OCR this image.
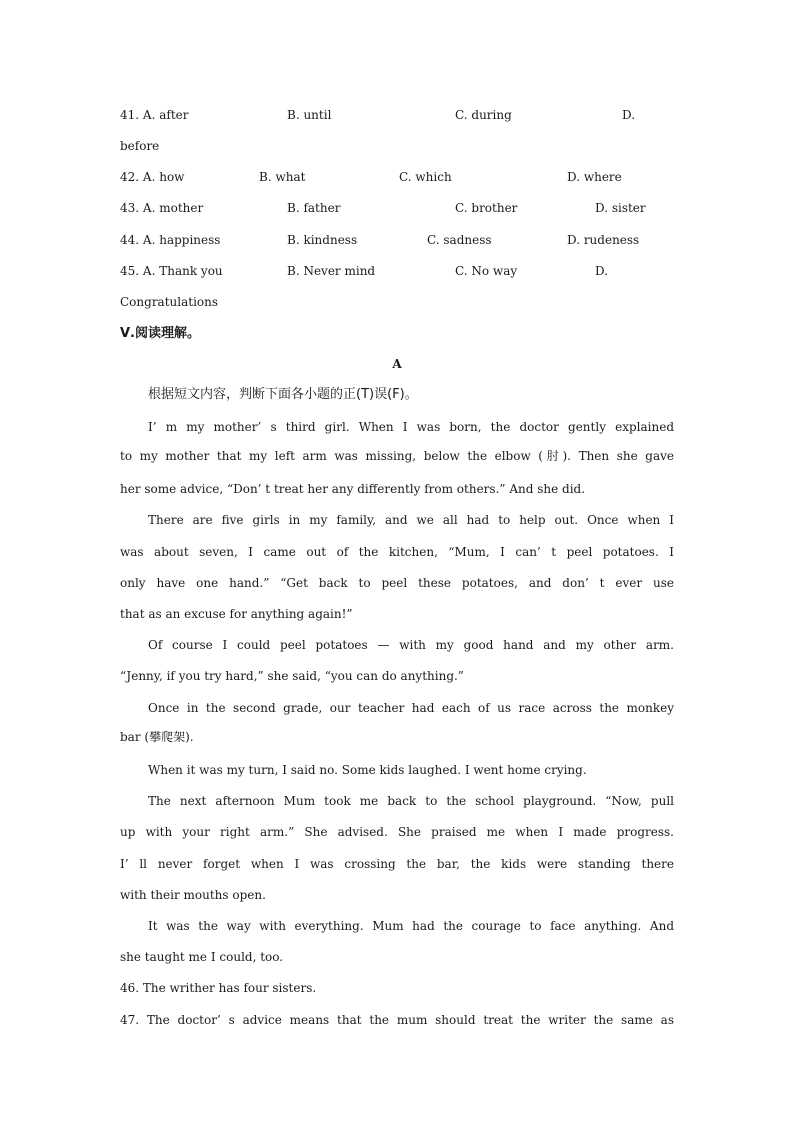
41. A. after	B. until	C. during	D.
before
42. A. how	B. what	C. which	D. where
43. A. mother	B. father	C. brother	D. sister
44. A. happiness	B. kindness	C. sadness	D. rudeness
45. A. Thank you	B. Never mind	C. No way	D.
Congratulations
Ⅴ.阅读理解。
A
根据短文内容，判断下面各小题的正(T)误(F)。
I’ m my mother’ s third girl. When I was born, the doctor gently explained
to my mother that my left arm was missing, below the elbow (肘). Then she gave
her some advice, “Don’ t treat her any differently from others.” And she did.
There are five girls in my family, and we all had to help out. Once when I
was about seven, I came out of the kitchen, “Mum, I can’ t peel potatoes. I
only have one hand.” “Get back to peel these potatoes, and don’ t ever use
that as an excuse for anything again!”
Of course I could peel potatoes — with my good hand and my other arm.
“Jenny, if you try hard,” she said, “you can do anything.”
Once in the second grade, our teacher had each of us race across the monkey
bar (攀爬架).
When it was my turn, I said no. Some kids laughed. I went home crying.
The next afternoon Mum took me back to the school playground. “Now, pull
up with your right arm.” She advised. She praised me when I made progress.
I’ ll never forget when I was crossing the bar, the kids were standing there
with their mouths open.
It was the way with everything. Mum had the courage to face anything. And
she taught me I could, too.
46. The writher has four sisters.
47. The doctor’ s advice means that the mum should treat the writer the same as
